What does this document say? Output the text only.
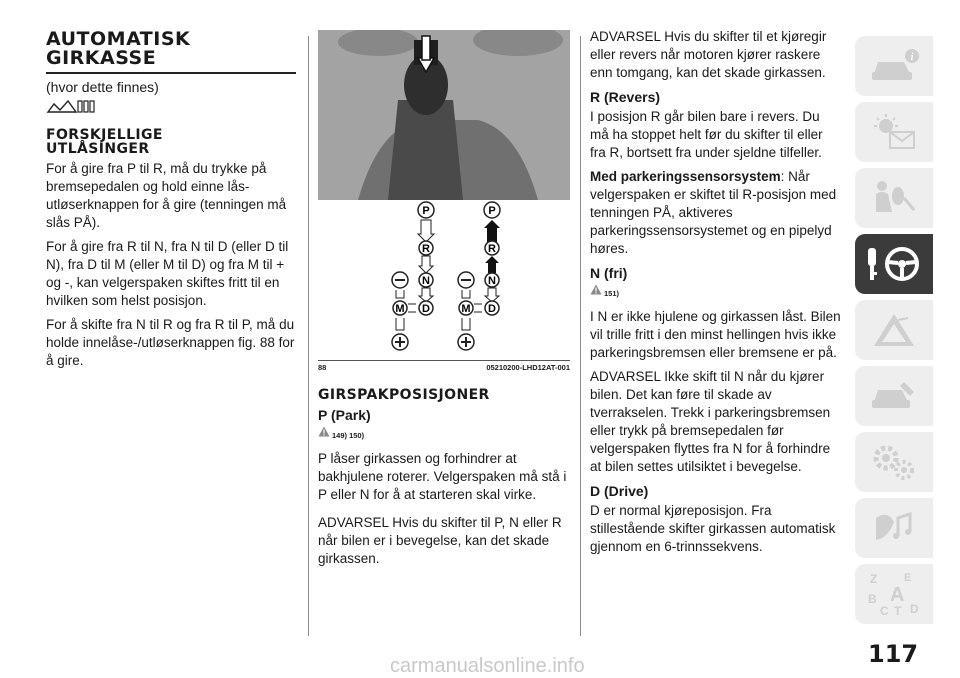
AUTOMATISK
GIRKASSE

(hvor dette finnes)

FORSKJELLIGE
UTLÅSINGER

For å gire fra P til R, må du trykke på bremsepedalen og hold einne lås-utløserknappen for å gire (tenningen må slås PÅ).

For å gire fra R til N, fra N til D (eller D til N), fra D til M (eller M til D) og fra M til + og -, kan velgerspaken skiftes fritt til en hvilken som helst posisjon.

For å skifte fra N til R og fra R til P, må du holde innelåse-/utløserknappen fig. 88 for å gire.

P
R
N
D
M
P
R
N
D
M
88	05210200-LHD12AT-001
GIRSPAKPOSISJONER
P (Park)
149) 150)

P låser girkassen og forhindrer at bakhjulene roterer. Velgerspaken må stå i P eller N for å at starteren skal virke.

ADVARSEL Hvis du skifter til P, N eller R når bilen er i bevegelse, kan det skade girkassen.

ADVARSEL Hvis du skifter til et kjøregir eller revers når motoren kjører raskere enn tomgang, kan det skade girkassen.

R (Revers)

I posisjon R går bilen bare i revers. Du må ha stoppet helt før du skifter til eller fra R, bortsett fra under sjeldne tilfeller.

Med parkeringssensorsystem: Når velgerspaken er skiftet til R-posisjon med tenningen PÅ, aktiveres parkeringssensorsystemet og en pipelyd høres.

N (fri)
151)

I N er ikke hjulene og girkassen låst. Bilen vil trille fritt i den minst hellingen hvis ikke parkeringsbremsen eller bremsene er på.

ADVARSEL Ikke skift til N når du kjører bilen. Det kan føre til skade av tverrakselen. Trekk i parkeringsbremsen eller trykk på bremsepedalen før velgerspaken flyttes fra N for å forhindre at bilen settes utilsiktet i bevegelse.

D (Drive)

D er normal kjøreposisjon. Fra stillestående skifter girkassen automatisk gjennom en 6-trinnssekvens.

i
Z E
B A
C T D
117
carmanualsonline.info
